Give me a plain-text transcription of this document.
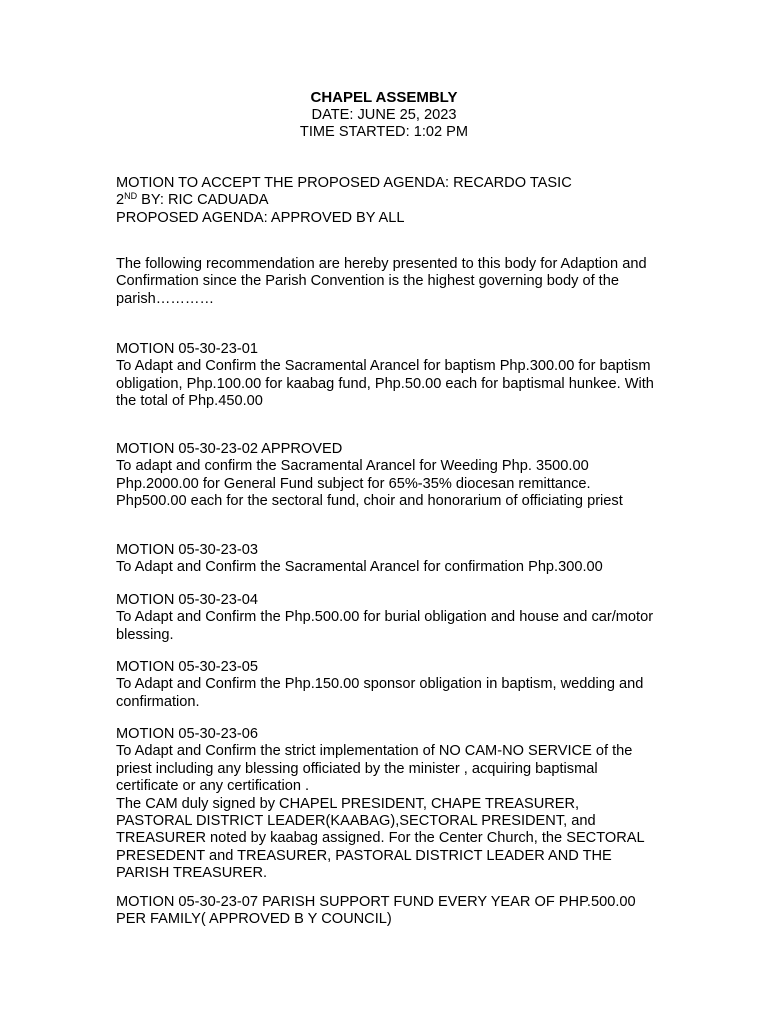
CHAPEL ASSEMBLY
DATE: JUNE 25, 2023
TIME STARTED: 1:02 PM

MOTION TO ACCEPT THE PROPOSED AGENDA: RECARDO TASIC

2ND BY: RIC CADUADA

PROPOSED AGENDA: APPROVED BY ALL

The following recommendation are hereby presented to this body for Adaption and Confirmation since the Parish Convention is the highest governing body of the parish…………

MOTION 05-30-23-01

To Adapt and Confirm the Sacramental Arancel for baptism Php.300.00 for baptism obligation, Php.100.00 for kaabag fund, Php.50.00 each for baptismal hunkee. With the total of Php.450.00

MOTION 05-30-23-02 APPROVED

To adapt and confirm the Sacramental Arancel for Weeding Php. 3500.00 Php.2000.00 for General Fund subject for 65%-35% diocesan remittance. Php500.00 each for the sectoral fund, choir and honorarium of officiating priest

MOTION 05-30-23-03

To Adapt and Confirm the Sacramental Arancel for confirmation Php.300.00

MOTION 05-30-23-04

To Adapt and Confirm the Php.500.00 for burial obligation and house and car/motor blessing.

MOTION 05-30-23-05

To Adapt and Confirm the Php.150.00 sponsor obligation in baptism, wedding and confirmation.

MOTION 05-30-23-06

To Adapt and Confirm the strict implementation of NO CAM-NO SERVICE of the priest including any blessing officiated by the minister , acquiring baptismal certificate or any certification .

The CAM duly signed by CHAPEL PRESIDENT, CHAPE TREASURER, PASTORAL DISTRICT LEADER(KAABAG),SECTORAL PRESIDENT, and TREASURER noted by kaabag assigned. For the Center Church, the SECTORAL PRESEDENT and TREASURER, PASTORAL DISTRICT LEADER AND THE PARISH TREASURER.

MOTION 05-30-23-07 PARISH SUPPORT FUND EVERY YEAR OF PHP.500.00 PER FAMILY( APPROVED B Y COUNCIL)
